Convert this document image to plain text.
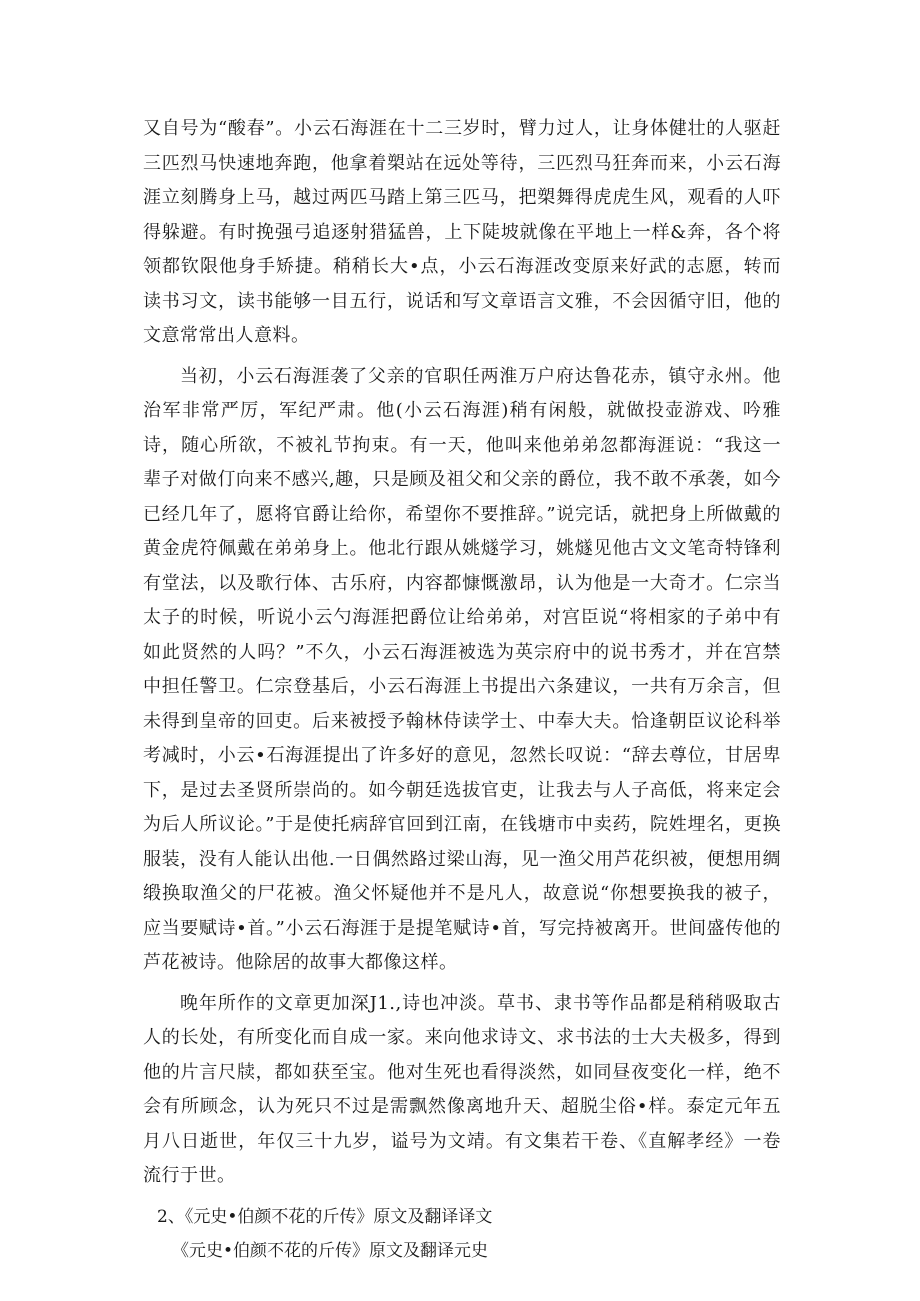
又自号为“酸春”。小云石海涯在十二三岁时，臂力过人，让身体健壮的人驱赶三匹烈马快速地奔跑，他拿着槊站在远处等待，三匹烈马狂奔而来，小云石海涯立刻腾身上马，越过两匹马踏上第三匹马，把槊舞得虎虎生风，观看的人吓得躲避。有时挽强弓追逐射猎猛兽，上下陡坡就像在平地上一样&奔，各个将领都钦限他身手矫捷。稍稍长大•点，小云石海涯改变原来好武的志愿，转而读书习文，读书能够一目五行，说话和写文章语言文雅，不会因循守旧，他的文意常常出人意料。

当初，小云石海涯袭了父亲的官职任两淮万户府达鲁花赤，镇守永州。他治军非常严厉，军纪严肃。他(小云石海涯)稍有闲般，就做投壶游戏、吟雅诗，随心所欲，不被礼节拘束。有一天，他叫来他弟弟忽都海涯说：“我这一辈子对做仃向来不感兴,趣，只是顾及祖父和父亲的爵位，我不敢不承袭，如今已经几年了，愿将官爵让给你，希望你不要推辞。”说完话，就把身上所做戴的黄金虎符佩戴在弟弟身上。他北行跟从姚燧学习，姚燧见他古文文笔奇特锋利有堂法，以及歌行体、古乐府，内容都慷慨激昂，认为他是一大奇才。仁宗当太子的时候，听说小云勺海涯把爵位让给弟弟，对宫臣说“将相家的子弟中有如此贤然的人吗？”不久，小云石海涯被选为英宗府中的说书秀才，并在宫禁中担任警卫。仁宗登基后，小云石海涯上书提出六条建议，一共有万余言，但未得到皇帝的回吏。后来被授予翰林侍读学士、中奉大夫。恰逢朝臣议论科举考减时，小云•石海涯提出了许多好的意见，忽然长叹说：“辞去尊位，甘居卑下，是过去圣贤所崇尚的。如今朝廷选拔官吏，让我去与人子高低，将来定会为后人所议论。”于是使托病辞官回到江南，在钱塘市中卖药，院姓埋名，更换服装，没有人能认出他.一日偶然路过梁山海，见一渔父用芦花织被，便想用绸缎换取渔父的尸花被。渔父怀疑他并不是凡人，故意说“你想要换我的被子，应当要赋诗•首。”小云石海涯于是提笔赋诗•首，写完持被离开。世间盛传他的芦花被诗。他除居的故事大都像这样。

晚年所作的文章更加深J1.,诗也冲淡。草书、隶书等作品都是稍稍吸取古人的长处，有所变化而自成一家。来向他求诗文、求书法的士大夫极多，得到他的片言尺牍，都如获至宝。他对生死也看得淡然，如同昼夜变化一样，绝不会有所顾念，认为死只不过是需飘然像离地升天、超脱尘俗•样。泰定元年五月八日逝世，年仅三十九岁，谥号为文靖。有文集若干卷、《直解孝经》一卷流行于世。

2、《元史•伯颜不花的斤传》原文及翻译译文

《元史•伯颜不花的斤传》原文及翻译元史
